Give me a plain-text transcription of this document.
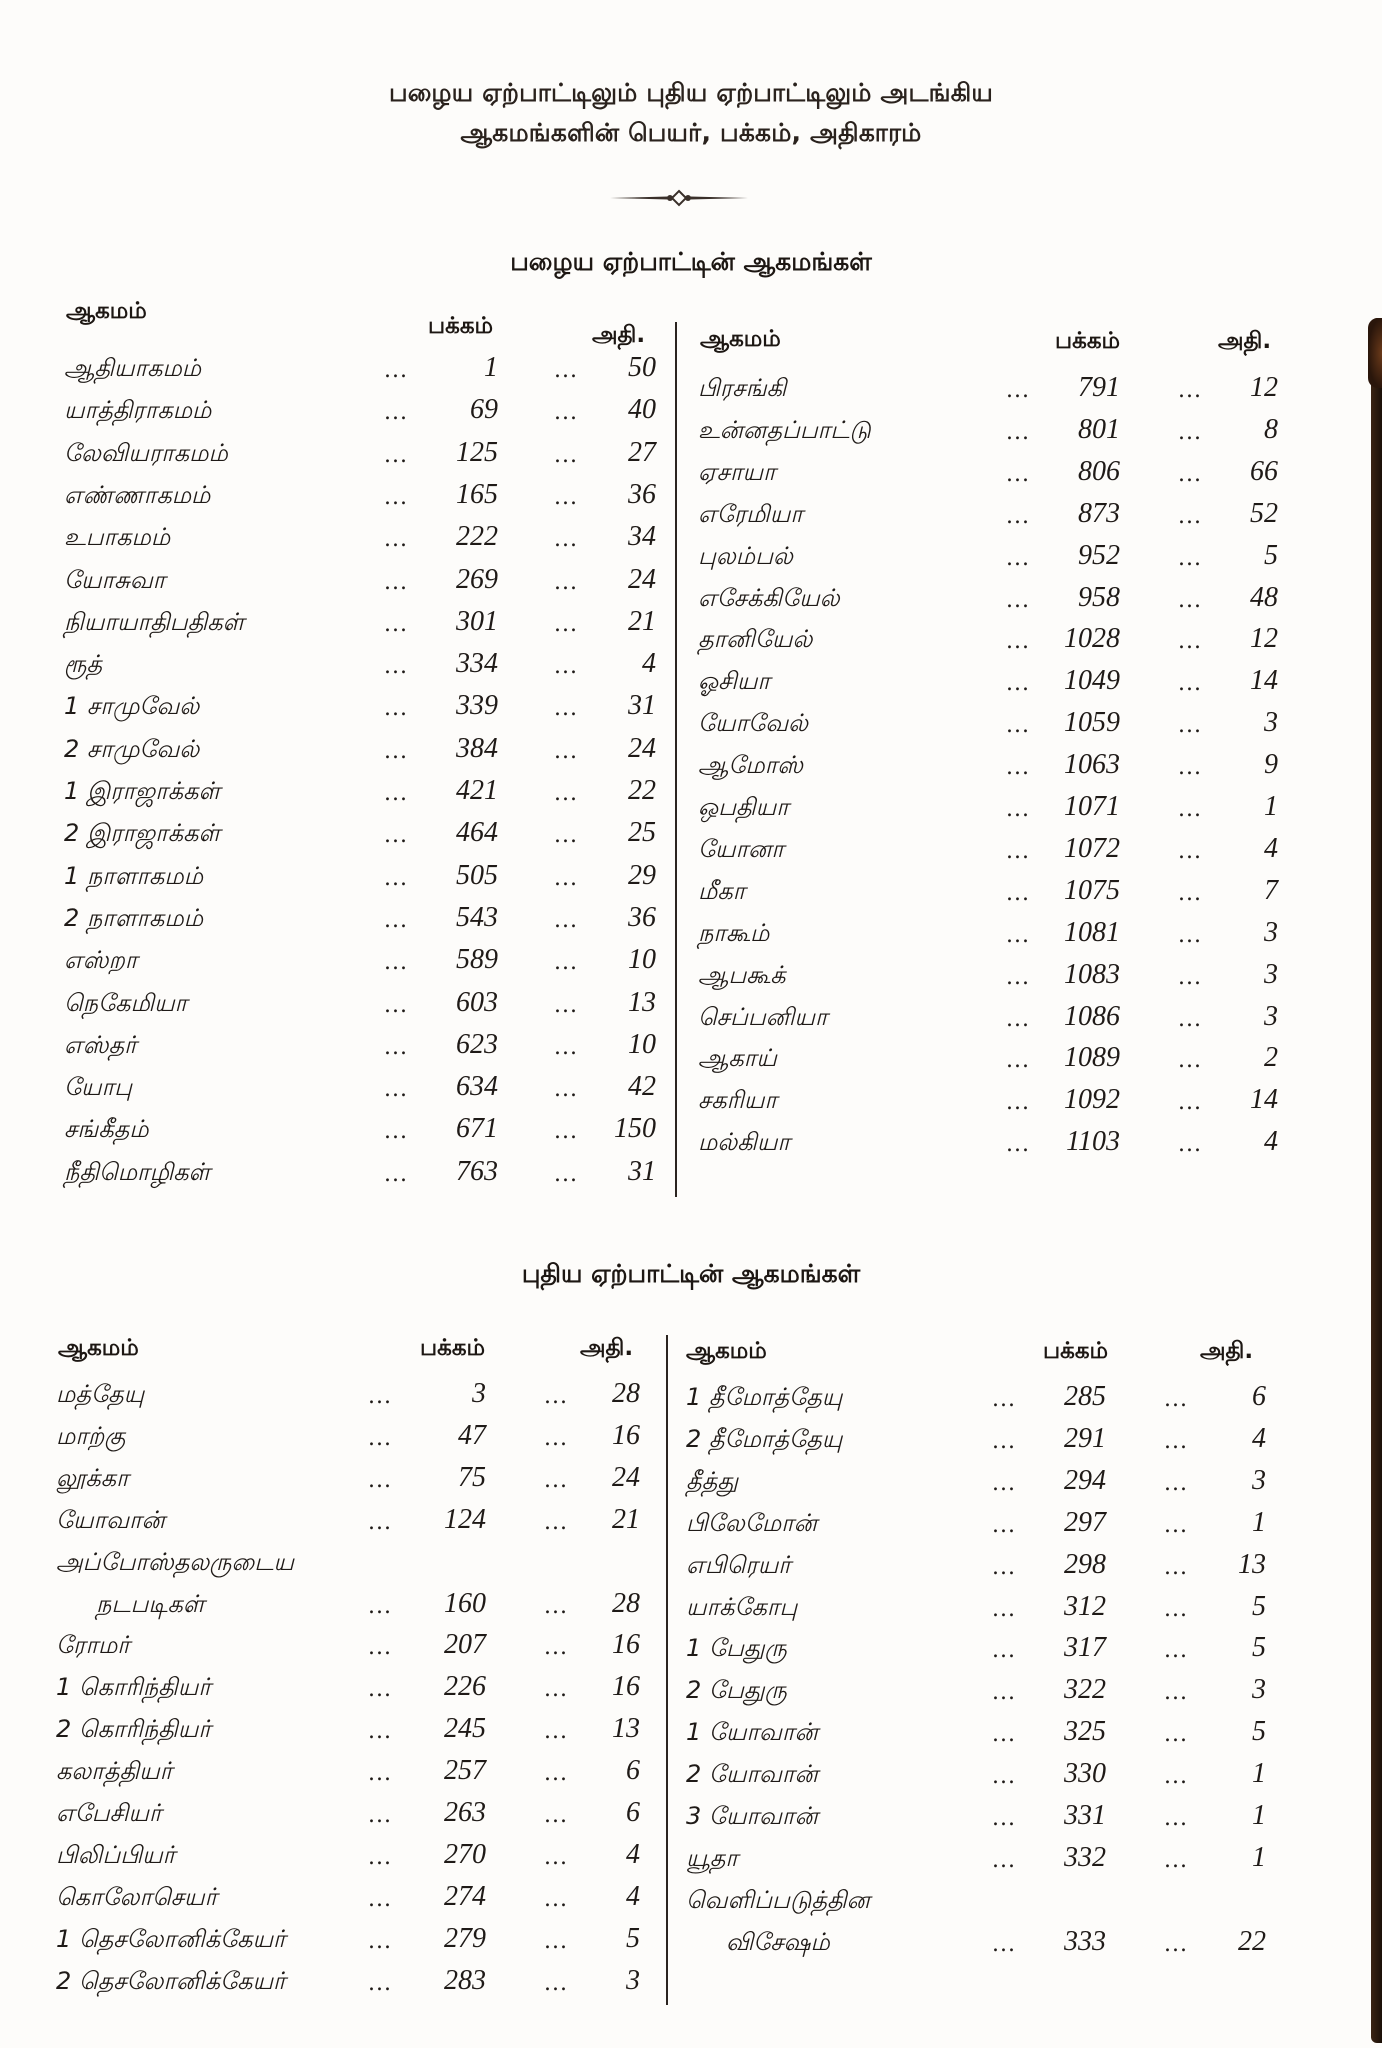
பழைய ஏற்பாட்டிலும் புதிய ஏற்பாட்டிலும் அடங்கிய
ஆகமங்களின் பெயர், பக்கம், அதிகாரம்
பழைய ஏற்பாட்டின் ஆகமங்கள்
ஆகமம்
பக்கம்	அதி. ஆகமம்	பக்கம்	அதி.
ஆதியாகமம்	...	1	... 50
யாத்திராகமம்	... 69	... 40
லேவியராகமம்	... 125	... 27
எண்ணாகமம்	... 165	... 36
உபாகமம்	... 222	... 34
யோசுவா	... 269	... 24
நியாயாதிபதிகள்	... 301	... 21
ரூத்	... 334	... 4
1 சாமுவேல்	... 339	... 31
2 சாமுவேல்	... 384	... 24
1 இராஜாக்கள்	... 421	... 22
2 இராஜாக்கள்	... 464	... 25
1 நாளாகமம்	... 505	... 29
2 நாளாகமம்	... 543	... 36
எஸ்றா	... 589	... 10
நெகேமியா	... 603	... 13
எஸ்தர்	... 623	... 10
யோபு	... 634	... 42
சங்கீதம்	... 671	... 150
நீதிமொழிகள்	... 763	... 31
பிரசங்கி	... 791	... 12
உன்னதப்பாட்டு	... 801	... 8
ஏசாயா	... 806	... 66
எரேமியா	... 873	... 52
புலம்பல்	... 952	... 5
எசேக்கியேல்	... 958	... 48
தானியேல்	... 1028	... 12
ஓசியா	... 1049	... 14
யோவேல்	... 1059	... 3
ஆமோஸ்	... 1063	... 9
ஒபதியா	... 1071	... 1
யோனா	... 1072	... 4
மீகா	... 1075	... 7
நாகூம்	... 1081	... 3
ஆபகூக்	... 1083	... 3
செப்பனியா	... 1086	... 3
ஆகாய்	... 1089	... 2
சகரியா	... 1092	... 14
மல்கியா	... 1103	... 4
புதிய ஏற்பாட்டின் ஆகமங்கள்
ஆகமம்	பக்கம்	அதி. ஆகமம்	பக்கம்	அதி.
மத்தேயு	...	3	... 28
மாற்கு	... 47	... 16
லூக்கா	... 75	... 24
யோவான்	... 124	... 21
அப்போஸ்தலருடைய
நடபடிகள்	... 160	... 28
ரோமர்	... 207	... 16
1 கொரிந்தியர்	... 226	... 16
2 கொரிந்தியர்	... 245	... 13
கலாத்தியர்	... 257	... 6
எபேசியர்	... 263	... 6
பிலிப்பியர்	... 270	... 4
கொலோசெயர்	... 274	... 4
1 தெசலோனிக்கேயர்	... 279	... 5
2 தெசலோனிக்கேயர்	... 283	... 3
1 தீமோத்தேயு	... 285	... 6
2 தீமோத்தேயு	... 291	... 4
தீத்து	... 294	... 3
பிலேமோன்	... 297	... 1
எபிரெயர்	... 298	... 13
யாக்கோபு	... 312	... 5
1 பேதுரு	... 317	... 5
2 பேதுரு	... 322	... 3
1 யோவான்	... 325	... 5
2 யோவான்	... 330	... 1
3 யோவான்	... 331	... 1
யூதா	... 332	... 1
வெளிப்படுத்தின
விசேஷம்	... 333	... 22
